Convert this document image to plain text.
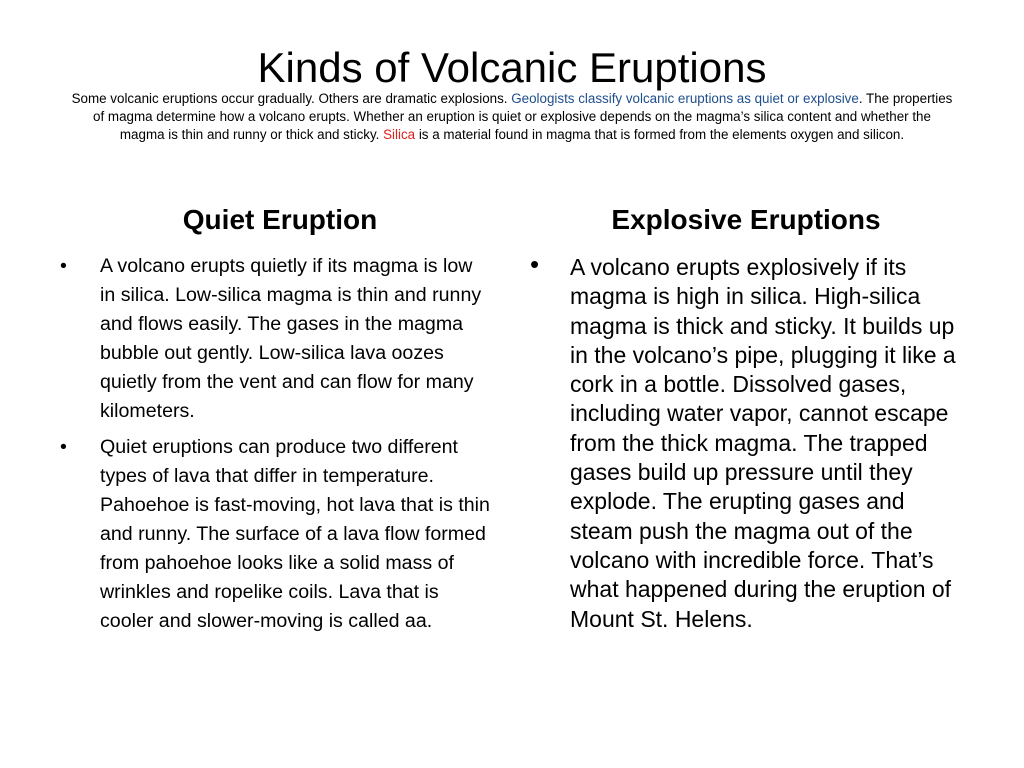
Kinds of Volcanic Eruptions
Some volcanic eruptions occur gradually. Others are dramatic explosions. Geologists classify volcanic eruptions as quiet or explosive. The properties of magma determine how a volcano erupts. Whether an eruption is quiet or explosive depends on the magma’s silica content and whether the magma is thin and runny or thick and sticky. Silica is a material found in magma that is formed from the elements oxygen and silicon.
Quiet Eruption	Explosive Eruptions
• A volcano erupts quietly if its magma is low in silica. Low-silica magma is thin and runny and flows easily. The gases in the magma bubble out gently. Low-silica lava oozes quietly from the vent and can flow for many kilometers.
• Quiet eruptions can produce two different types of lava that differ in temperature. Pahoehoe is fast-moving, hot lava that is thin and runny. The surface of a lava flow formed from pahoehoe looks like a solid mass of wrinkles and ropelike coils. Lava that is cooler and slower-moving is called aa.
• A volcano erupts explosively if its magma is high in silica. High-silica magma is thick and sticky. It builds up in the volcano’s pipe, plugging it like a cork in a bottle. Dissolved gases, including water vapor, cannot escape from the thick magma. The trapped gases build up pressure until they explode. The erupting gases and steam push the magma out of the volcano with incredible force. That’s what happened during the eruption of Mount St. Helens.
